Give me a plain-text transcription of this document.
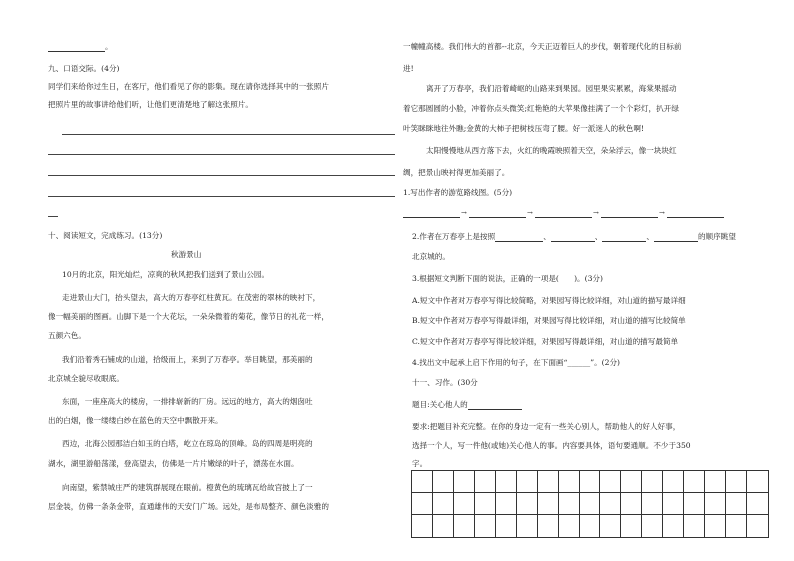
。
九、口语交际。(4分)
同学们来给你过生日，在客厅，他们看见了你的影集。现在请你选择其中的一张照片
把照片里的故事讲给他们听，让他们更清楚地了解这张照片。
十、阅读短文，完成练习。(13分)
秋游景山
10月的北京，阳光灿烂，凉爽的秋风把我们送到了景山公园。
走进景山大门，抬头望去，高大的万春亭红柱黄瓦。在茂密的翠林的映衬下，
像一幅美丽的图画。山脚下是一个大花坛，一朵朵微着的菊花，像节日的礼花一样，
五颜六色。
我们沿着秀石铺成的山道，拾级而上，来到了万春亭。举目眺望，那美丽的
北京城全貌尽收眼底。
东面，一座座高大的楼房，一排排崭新的厂房。远远的地方，高大的烟囱吐
出的白烟，像一缕缕白纱在蓝色的天空中飘散开来。
西边，北海公园那洁白如玉的白塔，屹立在琼岛的顶峰。岛的四周是明亮的
湖水，湖里游船荡漾，登高望去，仿佛是一片片嫩绿的叶子，漂荡在水面。
向南望，紫禁城庄严的建筑群展现在眼前。橙黄色的琉璃瓦给故宫披上了一
层金装，仿佛一条条金带，直通雄伟的天安门广场。远处，是布局整齐、颜色淡雅的
一幢幢高楼。我们伟大的首都--北京，今天正迈着巨人的步伐，朝着现代化的目标前
进!
离开了万春亭，我们沿着崎岖的山路来到果园。园里果实累累，海棠果摇动
着它那圆圆的小脸，冲着你点头微笑;红艳艳的大苹果像挂满了一个个彩灯，扒开绿
叶笑眯眯地往外瞧;金黄的大柿子把树枝压弯了腰。好一派迷人的秋色啊!
太阳慢慢地从西方落下去，火红的晚霞映照着天空，朵朵浮云，像一块块红
绸，把景山映衬得更加美丽了。
1.写出作者的游览路线图。(5分)
→	→	→	→
2.作者在万春亭上是按照	、	、	、	的顺序眺望
北京城的。
3.根据短文判断下面的说法，正确的一项是(　　)。(3分)
A.短文中作者对万春亭写得比较简略，对果园写得比较详细，对山道的描写最详细
B.短文中作者对万春亭写得最详细，对果园写得比较详细，对山道的描写比较简单
C.短文中作者对万春亭写得比较详细，对果园写得最详细，对山道的描写最简单
4.找出文中起承上启下作用的句子，在下面画“______”。(2分)
十一、习作。(30分
题目:关心他人的
要求:把题目补充完整。在你的身边一定有一些关心别人，帮助他人的好人好事，
选择一个人，写一件他(或她)关心他人的事。内容要具体，语句要通顺。不少于350
字。
